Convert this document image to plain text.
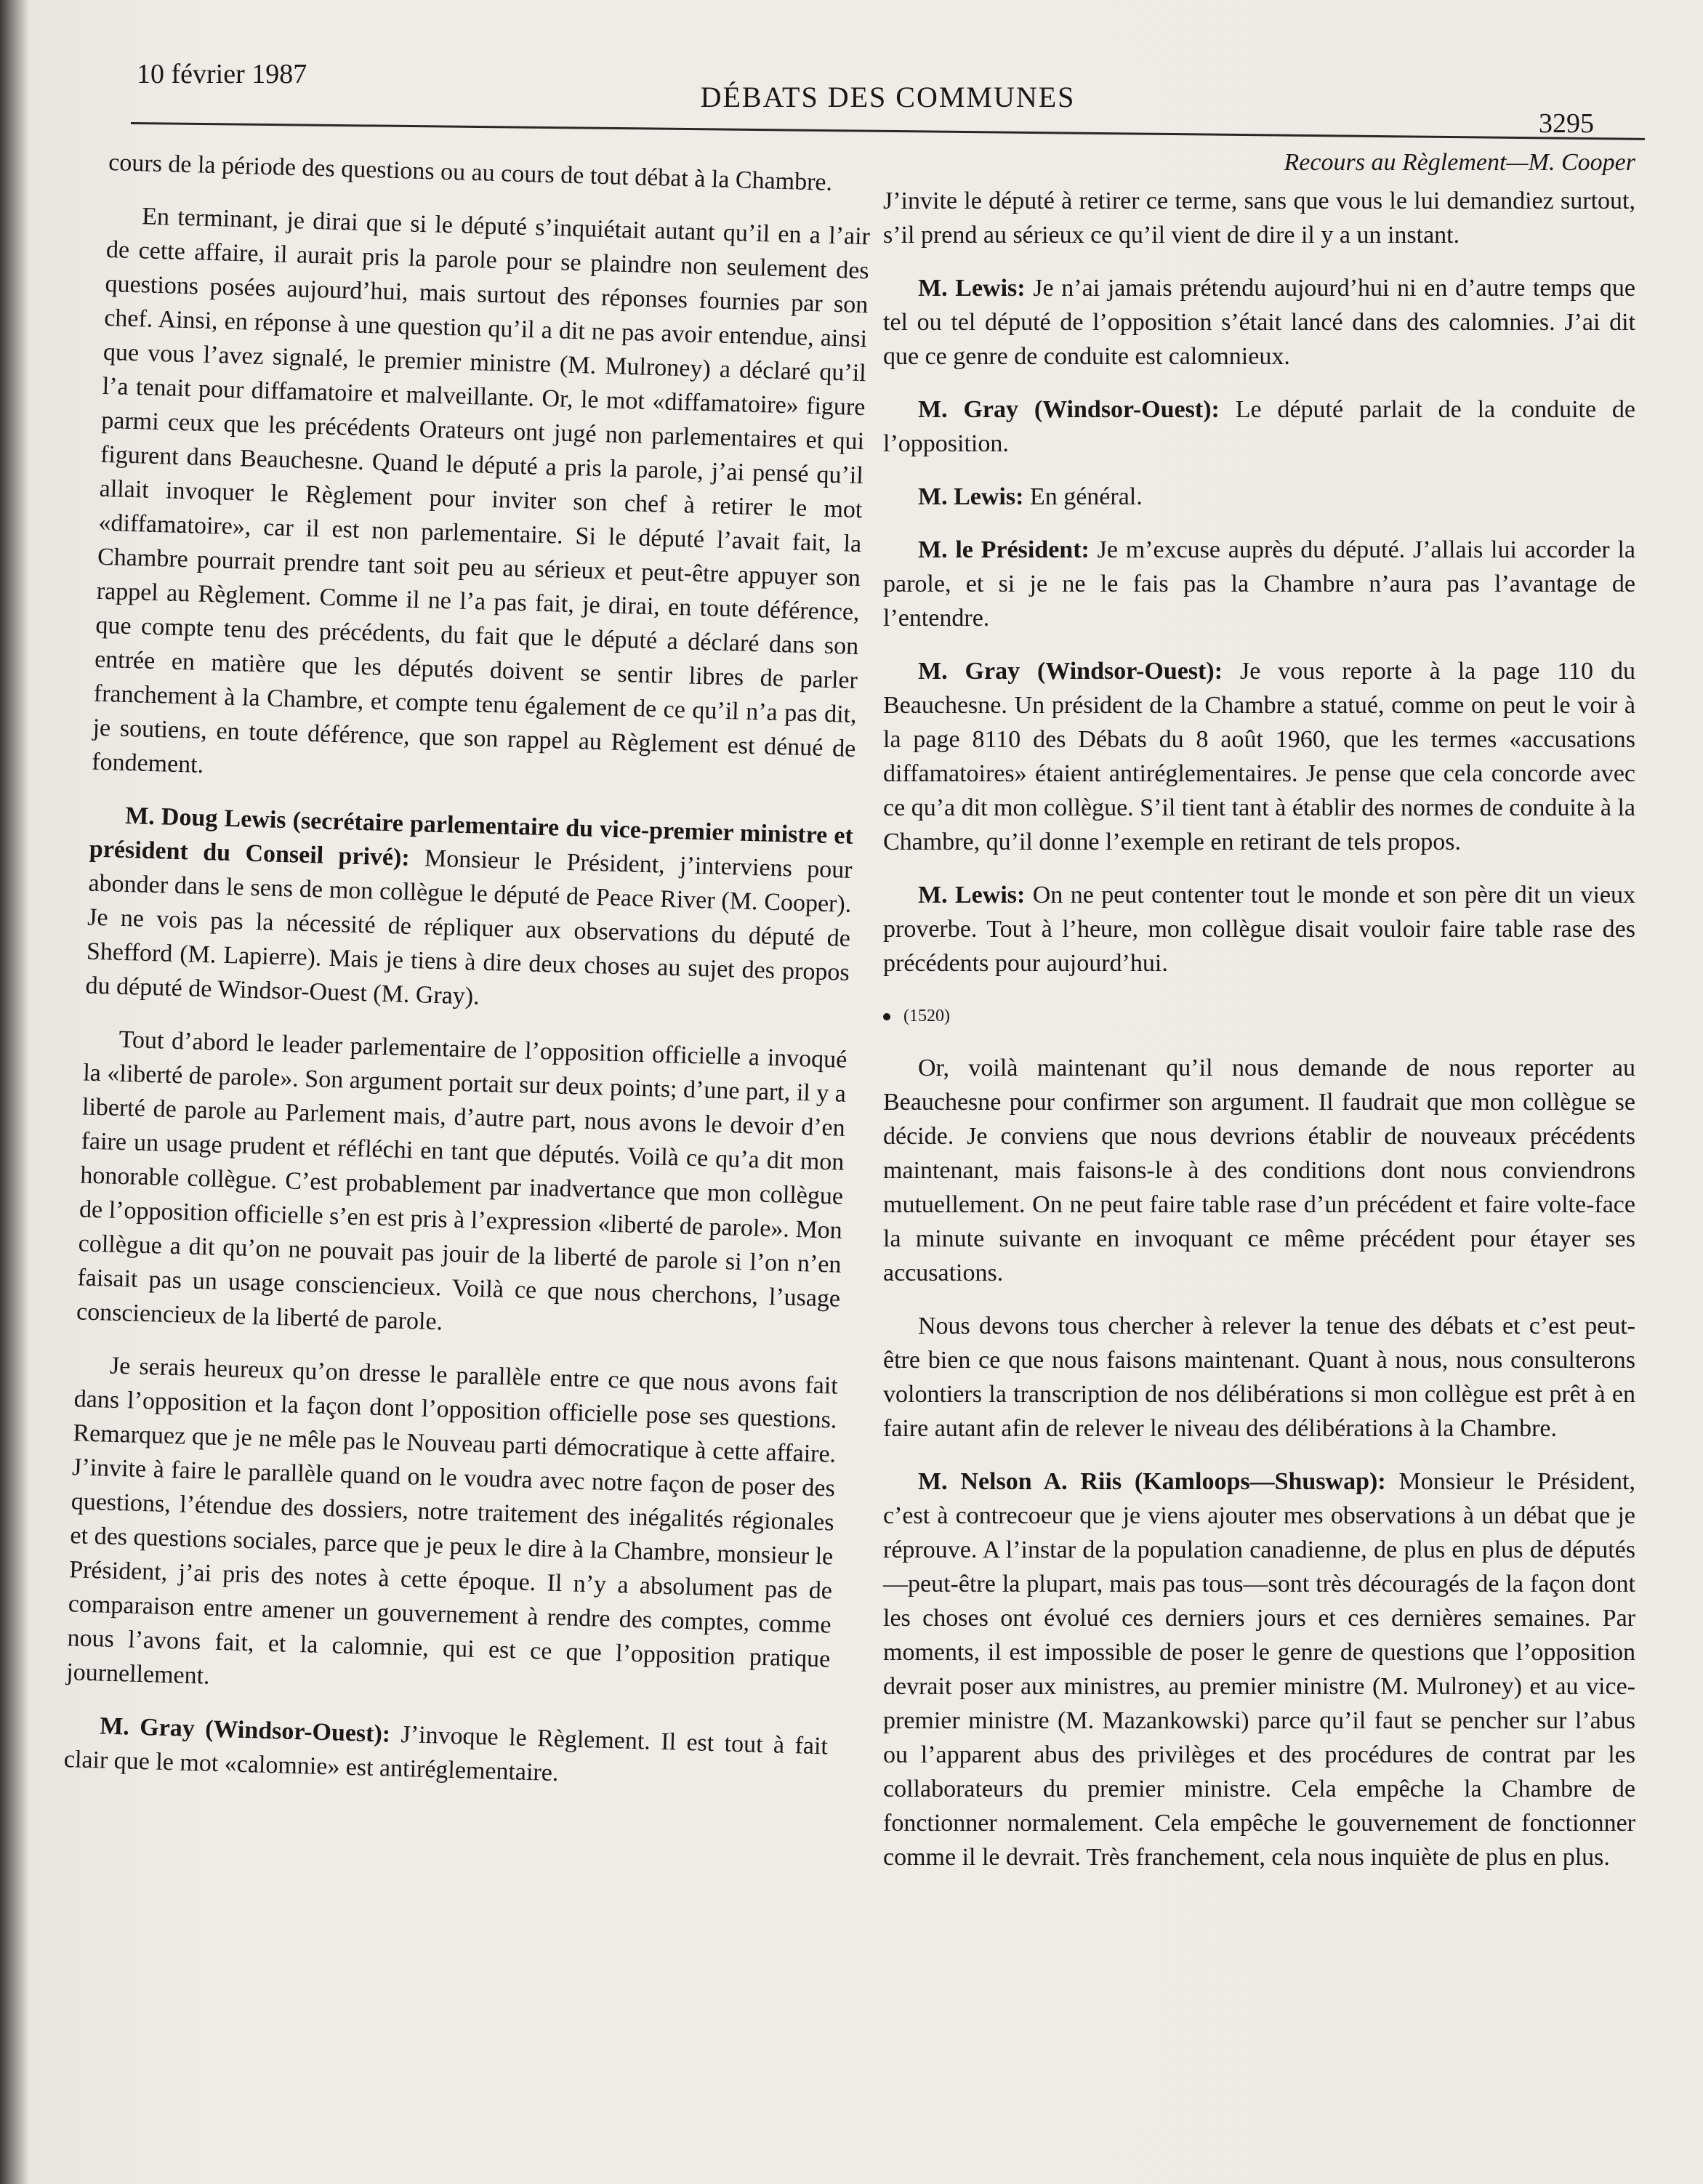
10 février 1987
DÉBATS DES COMMUNES
3295

cours de la période des questions ou au cours de tout débat à la Chambre.

En terminant, je dirai que si le député s’inquiétait autant qu’il en a l’air de cette affaire, il aurait pris la parole pour se plaindre non seulement des questions posées aujourd’hui, mais surtout des réponses fournies par son chef. Ainsi, en réponse à une question qu’il a dit ne pas avoir entendue, ainsi que vous l’avez signalé, le premier ministre (M. Mulroney) a déclaré qu’il l’a tenait pour diffamatoire et malveillante. Or, le mot «diffamatoire» figure parmi ceux que les précédents Orateurs ont jugé non parlementaires et qui figurent dans Beauchesne. Quand le député a pris la parole, j’ai pensé qu’il allait invoquer le Règlement pour inviter son chef à retirer le mot «diffamatoire», car il est non parlementaire. Si le député l’avait fait, la Chambre pourrait prendre tant soit peu au sérieux et peut-être appuyer son rappel au Règlement. Comme il ne l’a pas fait, je dirai, en toute déférence, que compte tenu des précédents, du fait que le député a déclaré dans son entrée en matière que les députés doivent se sentir libres de parler franchement à la Chambre, et compte tenu également de ce qu’il n’a pas dit, je soutiens, en toute déférence, que son rappel au Règlement est dénué de fondement.

M. Doug Lewis (secrétaire parlementaire du vice-premier ministre et président du Conseil privé): Monsieur le Président, j’interviens pour abonder dans le sens de mon collègue le député de Peace River (M. Cooper). Je ne vois pas la nécessité de répliquer aux observations du député de Shefford (M. Lapierre). Mais je tiens à dire deux choses au sujet des propos du député de Windsor-Ouest (M. Gray).

Tout d’abord le leader parlementaire de l’opposition officielle a invoqué la «liberté de parole». Son argument portait sur deux points; d’une part, il y a liberté de parole au Parlement mais, d’autre part, nous avons le devoir d’en faire un usage prudent et réfléchi en tant que députés. Voilà ce qu’a dit mon honorable collègue. C’est probablement par inadvertance que mon collègue de l’opposition officielle s’en est pris à l’expression «liberté de parole». Mon collègue a dit qu’on ne pouvait pas jouir de la liberté de parole si l’on n’en faisait pas un usage consciencieux. Voilà ce que nous cherchons, l’usage consciencieux de la liberté de parole.

Je serais heureux qu’on dresse le parallèle entre ce que nous avons fait dans l’opposition et la façon dont l’opposition officielle pose ses questions. Remarquez que je ne mêle pas le Nouveau parti démocratique à cette affaire. J’invite à faire le parallèle quand on le voudra avec notre façon de poser des questions, l’étendue des dossiers, notre traitement des inégalités régionales et des questions sociales, parce que je peux le dire à la Chambre, monsieur le Président, j’ai pris des notes à cette époque. Il n’y a absolument pas de comparaison entre amener un gouvernement à rendre des comptes, comme nous l’avons fait, et la calomnie, qui est ce que l’opposition pratique journellement.

M. Gray (Windsor-Ouest): J’invoque le Règlement. Il est tout à fait clair que le mot «calomnie» est antiréglementaire.

Recours au Règlement—M. Cooper

J’invite le député à retirer ce terme, sans que vous le lui demandiez surtout, s’il prend au sérieux ce qu’il vient de dire il y a un instant.

M. Lewis: Je n’ai jamais prétendu aujourd’hui ni en d’autre temps que tel ou tel député de l’opposition s’était lancé dans des calomnies. J’ai dit que ce genre de conduite est calomnieux.

M. Gray (Windsor-Ouest): Le député parlait de la conduite de l’opposition.

M. Lewis: En général.

M. le Président: Je m’excuse auprès du député. J’allais lui accorder la parole, et si je ne le fais pas la Chambre n’aura pas l’avantage de l’entendre.

M. Gray (Windsor-Ouest): Je vous reporte à la page 110 du Beauchesne. Un président de la Chambre a statué, comme on peut le voir à la page 8110 des Débats du 8 août 1960, que les termes «accusations diffamatoires» étaient antiréglementaires. Je pense que cela concorde avec ce qu’a dit mon collègue. S’il tient tant à établir des normes de conduite à la Chambre, qu’il donne l’exemple en retirant de tels propos.

M. Lewis: On ne peut contenter tout le monde et son père dit un vieux proverbe. Tout à l’heure, mon collègue disait vouloir faire table rase des précédents pour aujourd’hui.

(1520)

Or, voilà maintenant qu’il nous demande de nous reporter au Beauchesne pour confirmer son argument. Il faudrait que mon collègue se décide. Je conviens que nous devrions établir de nouveaux précédents maintenant, mais faisons-le à des conditions dont nous conviendrons mutuellement. On ne peut faire table rase d’un précédent et faire volte-face la minute suivante en invoquant ce même précédent pour étayer ses accusations.

Nous devons tous chercher à relever la tenue des débats et c’est peut-être bien ce que nous faisons maintenant. Quant à nous, nous consulterons volontiers la transcription de nos délibérations si mon collègue est prêt à en faire autant afin de relever le niveau des délibérations à la Chambre.

M. Nelson A. Riis (Kamloops—Shuswap): Monsieur le Président, c’est à contrecoeur que je viens ajouter mes observations à un débat que je réprouve. A l’instar de la population canadienne, de plus en plus de députés—peut-être la plupart, mais pas tous—sont très découragés de la façon dont les choses ont évolué ces derniers jours et ces dernières semaines. Par moments, il est impossible de poser le genre de questions que l’opposition devrait poser aux ministres, au premier ministre (M. Mulroney) et au vice-premier ministre (M. Mazankowski) parce qu’il faut se pencher sur l’abus ou l’apparent abus des privilèges et des procédures de contrat par les collaborateurs du premier ministre. Cela empêche la Chambre de fonctionner normalement. Cela empêche le gouvernement de fonctionner comme il le devrait. Très franchement, cela nous inquiète de plus en plus.
